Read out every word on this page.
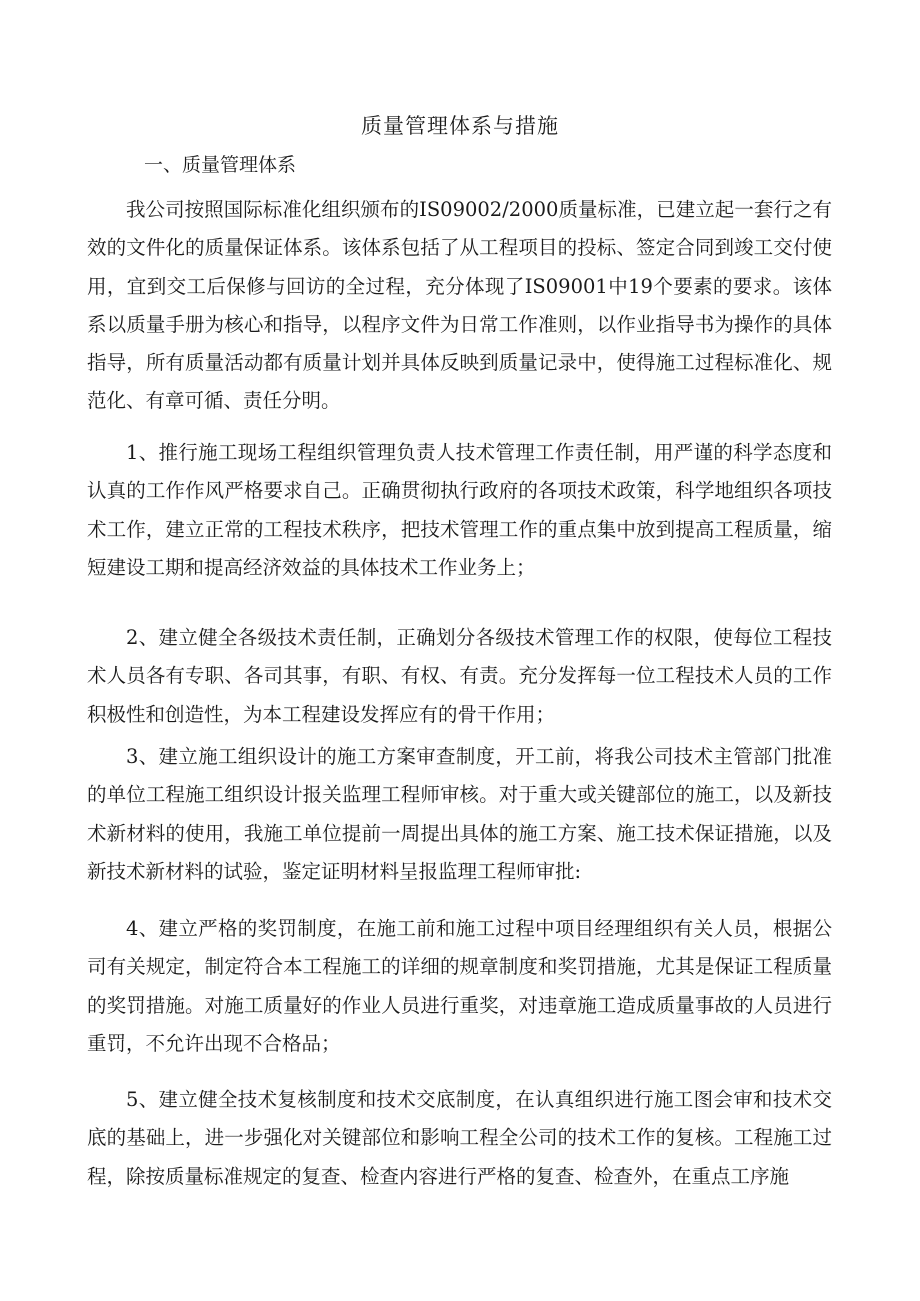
质量管理体系与措施
一、质量管理体系

我公司按照国际标准化组织颁布的IS09002/2000质量标准，已建立起一套行之有效的文件化的质量保证体系。该体系包括了从工程项目的投标、签定合同到竣工交付使用，宜到交工后保修与回访的全过程，充分体现了IS09001中19个要素的要求。该体系以质量手册为核心和指导，以程序文件为日常工作准则，以作业指导书为操作的具体指导，所有质量活动都有质量计划并具体反映到质量记录中，使得施工过程标准化、规范化、有章可循、责任分明。

1、推行施工现场工程组织管理负责人技术管理工作责任制，用严谨的科学态度和认真的工作作风严格要求自己。正确贯彻执行政府的各项技术政策，科学地组织各项技术工作，建立正常的工程技术秩序，把技术管理工作的重点集中放到提高工程质量，缩短建设工期和提高经济效益的具体技术工作业务上；

2、建立健全各级技术责任制，正确划分各级技术管理工作的权限，使每位工程技术人员各有专职、各司其事，有职、有权、有责。充分发挥每一位工程技术人员的工作积极性和创造性，为本工程建设发挥应有的骨干作用；

3、建立施工组织设计的施工方案审查制度，开工前，将我公司技术主管部门批准的单位工程施工组织设计报关监理工程师审核。对于重大或关键部位的施工，以及新技术新材料的使用，我施工单位提前一周提出具体的施工方案、施工技术保证措施，以及新技术新材料的试验，鉴定证明材料呈报监理工程师审批:

4、建立严格的奖罚制度，在施工前和施工过程中项目经理组织有关人员，根据公司有关规定，制定符合本工程施工的详细的规章制度和奖罚措施，尤其是保证工程质量的奖罚措施。对施工质量好的作业人员进行重奖，对违章施工造成质量事故的人员进行重罚，不允许出现不合格品；

5、建立健全技术复核制度和技术交底制度，在认真组织进行施工图会审和技术交底的基础上，进一步强化对关键部位和影响工程全公司的技术工作的复核。工程施工过程，除按质量标准规定的复查、检查内容进行严格的复查、检查外，在重点工序施
